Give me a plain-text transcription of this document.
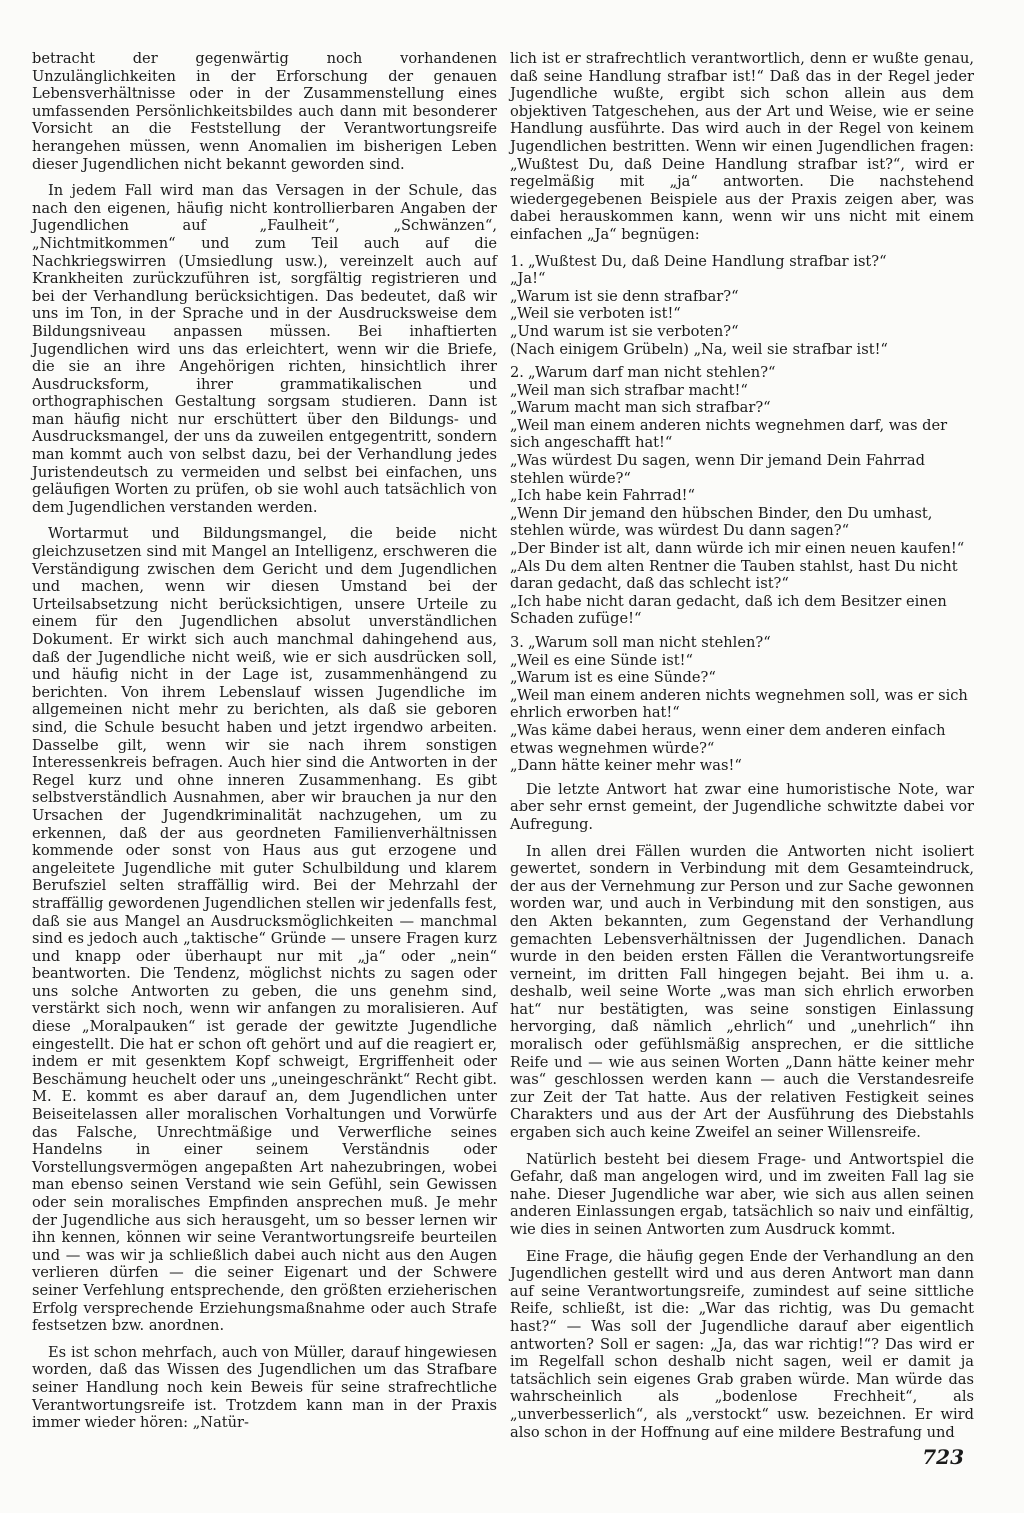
betracht der gegenwärtig noch vorhandenen Unzulänglichkeiten in der Erforschung der genauen Lebensverhältnisse oder in der Zusammenstellung eines umfassenden Persönlichkeitsbildes auch dann mit besonderer Vorsicht an die Feststellung der Verantwortungsreife herangehen müssen, wenn Anomalien im bisherigen Leben dieser Jugendlichen nicht bekannt geworden sind.

In jedem Fall wird man das Versagen in der Schule, das nach den eigenen, häufig nicht kontrollierbaren Angaben der Jugendlichen auf „Faulheit“, „Schwänzen“, „Nichtmitkommen“ und zum Teil auch auf die Nachkriegswirren (Umsiedlung usw.), vereinzelt auch auf Krankheiten zurückzuführen ist, sorgfältig registrieren und bei der Verhandlung berücksichtigen. Das bedeutet, daß wir uns im Ton, in der Sprache und in der Ausdrucksweise dem Bildungsniveau anpassen müssen. Bei inhaftierten Jugendlichen wird uns das erleichtert, wenn wir die Briefe, die sie an ihre Angehörigen richten, hinsichtlich ihrer Ausdrucksform, ihrer grammatikalischen und orthographischen Gestaltung sorgsam studieren. Dann ist man häufig nicht nur erschüttert über den Bildungs- und Ausdrucksmangel, der uns da zuweilen entgegentritt, sondern man kommt auch von selbst dazu, bei der Verhandlung jedes Juristendeutsch zu vermeiden und selbst bei einfachen, uns geläufigen Worten zu prüfen, ob sie wohl auch tatsächlich von dem Jugendlichen verstanden werden.

Wortarmut und Bildungsmangel, die beide nicht gleichzusetzen sind mit Mangel an Intelligenz, erschweren die Verständigung zwischen dem Gericht und dem Jugendlichen und machen, wenn wir diesen Umstand bei der Urteilsabsetzung nicht berücksichtigen, unsere Urteile zu einem für den Jugendlichen absolut unverständlichen Dokument. Er wirkt sich auch manchmal dahingehend aus, daß der Jugendliche nicht weiß, wie er sich ausdrücken soll, und häufig nicht in der Lage ist, zusammenhängend zu berichten. Von ihrem Lebenslauf wissen Jugendliche im allgemeinen nicht mehr zu berichten, als daß sie geboren sind, die Schule besucht haben und jetzt irgendwo arbeiten. Dasselbe gilt, wenn wir sie nach ihrem sonstigen Interessenkreis befragen. Auch hier sind die Antworten in der Regel kurz und ohne inneren Zusammenhang. Es gibt selbstverständlich Ausnahmen, aber wir brauchen ja nur den Ursachen der Jugendkriminalität nachzugehen, um zu erkennen, daß der aus geordneten Familienverhältnissen kommende oder sonst von Haus aus gut erzogene und angeleitete Jugendliche mit guter Schulbildung und klarem Berufsziel selten straffällig wird. Bei der Mehrzahl der straffällig gewordenen Jugendlichen stellen wir jedenfalls fest, daß sie aus Mangel an Ausdrucksmöglichkeiten — manchmal sind es jedoch auch „taktische“ Gründe — unsere Fragen kurz und knapp oder überhaupt nur mit „ja“ oder „nein“ beantworten. Die Tendenz, möglichst nichts zu sagen oder uns solche Antworten zu geben, die uns genehm sind, verstärkt sich noch, wenn wir anfangen zu moralisieren. Auf diese „Moralpauken“ ist gerade der gewitzte Jugendliche eingestellt. Die hat er schon oft gehört und auf die reagiert er, indem er mit gesenktem Kopf schweigt, Ergriffenheit oder Beschämung heuchelt oder uns „uneingeschränkt“ Recht gibt. M. E. kommt es aber darauf an, dem Jugendlichen unter Beiseitelassen aller moralischen Vorhaltungen und Vorwürfe das Falsche, Unrechtmäßige und Verwerfliche seines Handelns in einer seinem Verständnis oder Vorstellungsvermögen angepaßten Art nahezubringen, wobei man ebenso seinen Verstand wie sein Gefühl, sein Gewissen oder sein moralisches Empfinden ansprechen muß. Je mehr der Jugendliche aus sich herausgeht, um so besser lernen wir ihn kennen, können wir seine Verantwortungsreife beurteilen und — was wir ja schließlich dabei auch nicht aus den Augen verlieren dürfen — die seiner Eigenart und der Schwere seiner Verfehlung entsprechende, den größten erzieherischen Erfolg versprechende Erziehungsmaßnahme oder auch Strafe festsetzen bzw. anordnen.

Es ist schon mehrfach, auch von Müller, darauf hingewiesen worden, daß das Wissen des Jugendlichen um das Strafbare seiner Handlung noch kein Beweis für seine strafrechtliche Verantwortungsreife ist. Trotzdem kann man in der Praxis immer wieder hören: „Natür-

lich ist er strafrechtlich verantwortlich, denn er wußte genau, daß seine Handlung strafbar ist!“ Daß das in der Regel jeder Jugendliche wußte, ergibt sich schon allein aus dem objektiven Tatgeschehen, aus der Art und Weise, wie er seine Handlung ausführte. Das wird auch in der Regel von keinem Jugendlichen bestritten. Wenn wir einen Jugendlichen fragen: „Wußtest Du, daß Deine Handlung strafbar ist?“, wird er regelmäßig mit „ja“ antworten. Die nachstehend wiedergegebenen Beispiele aus der Praxis zeigen aber, was dabei herauskommen kann, wenn wir uns nicht mit einem einfachen „Ja“ begnügen:

1. „Wußtest Du, daß Deine Handlung strafbar ist?“

„Ja!“

„Warum ist sie denn strafbar?“

„Weil sie verboten ist!“

„Und warum ist sie verboten?“

(Nach einigem Grübeln) „Na, weil sie strafbar ist!“

2. „Warum darf man nicht stehlen?“

„Weil man sich strafbar macht!“

„Warum macht man sich strafbar?“

„Weil man einem anderen nichts wegnehmen darf, was der sich angeschafft hat!“

„Was würdest Du sagen, wenn Dir jemand Dein Fahrrad stehlen würde?“

„Ich habe kein Fahrrad!“

„Wenn Dir jemand den hübschen Binder, den Du umhast, stehlen würde, was würdest Du dann sagen?“

„Der Binder ist alt, dann würde ich mir einen neuen kaufen!“

„Als Du dem alten Rentner die Tauben stahlst, hast Du nicht daran gedacht, daß das schlecht ist?“

„Ich habe nicht daran gedacht, daß ich dem Besitzer einen Schaden zufüge!“

3. „Warum soll man nicht stehlen?“

„Weil es eine Sünde ist!“

„Warum ist es eine Sünde?“

„Weil man einem anderen nichts wegnehmen soll, was er sich ehrlich erworben hat!“

„Was käme dabei heraus, wenn einer dem anderen einfach etwas wegnehmen würde?“

„Dann hätte keiner mehr was!“

Die letzte Antwort hat zwar eine humoristische Note, war aber sehr ernst gemeint, der Jugendliche schwitzte dabei vor Aufregung.

In allen drei Fällen wurden die Antworten nicht isoliert gewertet, sondern in Verbindung mit dem Gesamteindruck, der aus der Vernehmung zur Person und zur Sache gewonnen worden war, und auch in Verbindung mit den sonstigen, aus den Akten bekannten, zum Gegenstand der Verhandlung gemachten Lebensverhältnissen der Jugendlichen. Danach wurde in den beiden ersten Fällen die Verantwortungsreife verneint, im dritten Fall hingegen bejaht. Bei ihm u. a. deshalb, weil seine Worte „was man sich ehrlich erworben hat“ nur bestätigten, was seine sonstigen Einlassung hervorging, daß nämlich „ehrlich“ und „unehrlich“ ihn moralisch oder gefühlsmäßig ansprechen, er die sittliche Reife und — wie aus seinen Worten „Dann hätte keiner mehr was“ geschlossen werden kann — auch die Verstandesreife zur Zeit der Tat hatte. Aus der relativen Festigkeit seines Charakters und aus der Art der Ausführung des Diebstahls ergaben sich auch keine Zweifel an seiner Willensreife.

Natürlich besteht bei diesem Frage- und Antwortspiel die Gefahr, daß man angelogen wird, und im zweiten Fall lag sie nahe. Dieser Jugendliche war aber, wie sich aus allen seinen anderen Einlassungen ergab, tatsächlich so naiv und einfältig, wie dies in seinen Antworten zum Ausdruck kommt.

Eine Frage, die häufig gegen Ende der Verhandlung an den Jugendlichen gestellt wird und aus deren Antwort man dann auf seine Verantwortungsreife, zumindest auf seine sittliche Reife, schließt, ist die: „War das richtig, was Du gemacht hast?“ — Was soll der Jugendliche darauf aber eigentlich antworten? Soll er sagen: „Ja, das war richtig!“? Das wird er im Regelfall schon deshalb nicht sagen, weil er damit ja tatsächlich sein eigenes Grab graben würde. Man würde das wahrscheinlich als „bodenlose Frechheit“, als „unverbesserlich“, als „verstockt“ usw. bezeichnen. Er wird also schon in der Hoffnung auf eine mildere Bestrafung und

723
